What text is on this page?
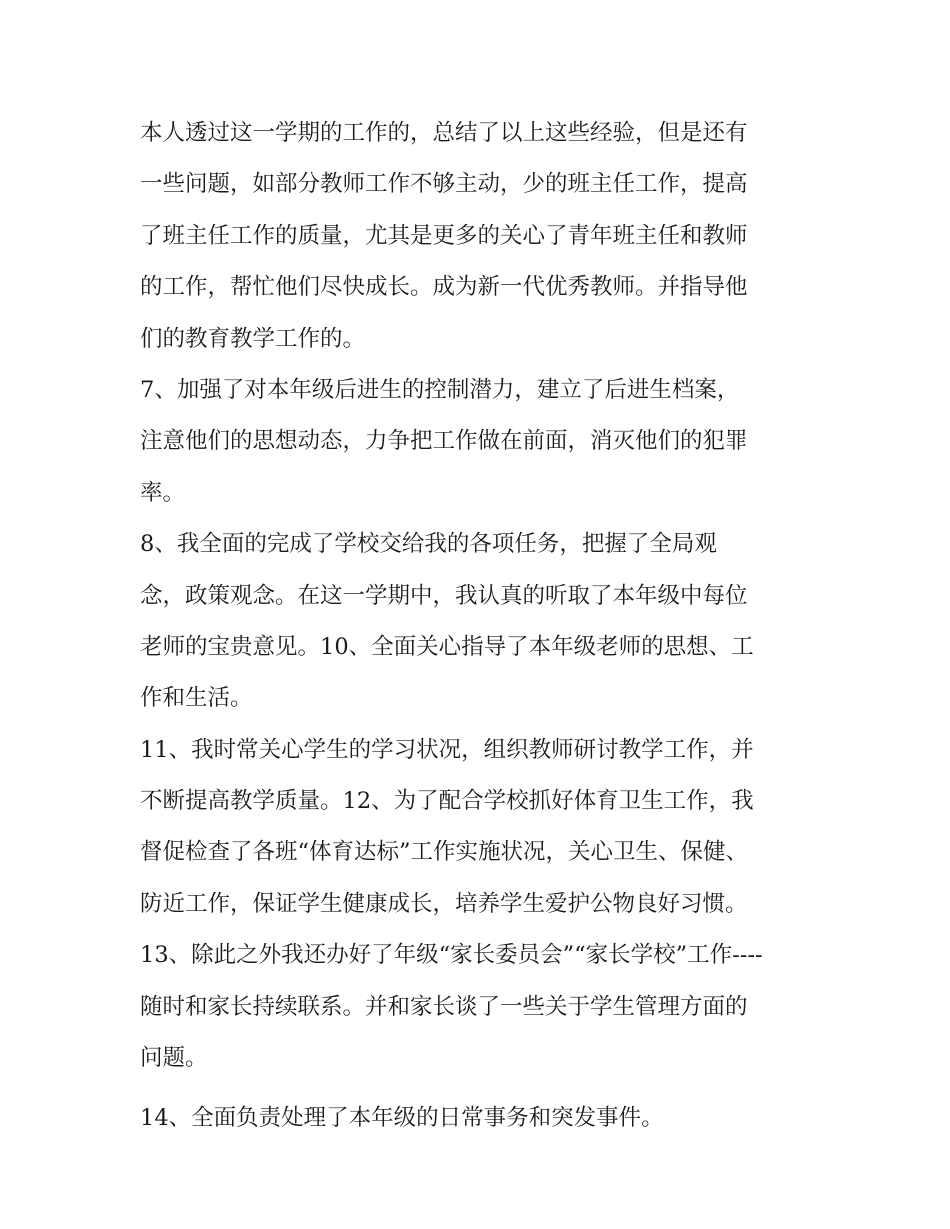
本人透过这一学期的工作的，总结了以上这些经验，但是还有
一些问题，如部分教师工作不够主动，少的班主任工作，提高
了班主任工作的质量，尤其是更多的关心了青年班主任和教师
的工作，帮忙他们尽快成长。成为新一代优秀教师。并指导他
们的教育教学工作的。
7、加强了对本年级后进生的控制潜力，建立了后进生档案，
注意他们的思想动态，力争把工作做在前面，消灭他们的犯罪
率。
8、我全面的完成了学校交给我的各项任务，把握了全局观
念，政策观念。在这一学期中，我认真的听取了本年级中每位
老师的宝贵意见。10、全面关心指导了本年级老师的思想、工
作和生活。
11、我时常关心学生的学习状况，组织教师研讨教学工作，并
不断提高教学质量。12、为了配合学校抓好体育卫生工作，我
督促检查了各班“体育达标”工作实施状况，关心卫生、保健、
防近工作，保证学生健康成长，培养学生爱护公物良好习惯。
13、除此之外我还办好了年级“家长委员会”“家长学校”工作----
随时和家长持续联系。并和家长谈了一些关于学生管理方面的
问题。
14、全面负责处理了本年级的日常事务和突发事件。
